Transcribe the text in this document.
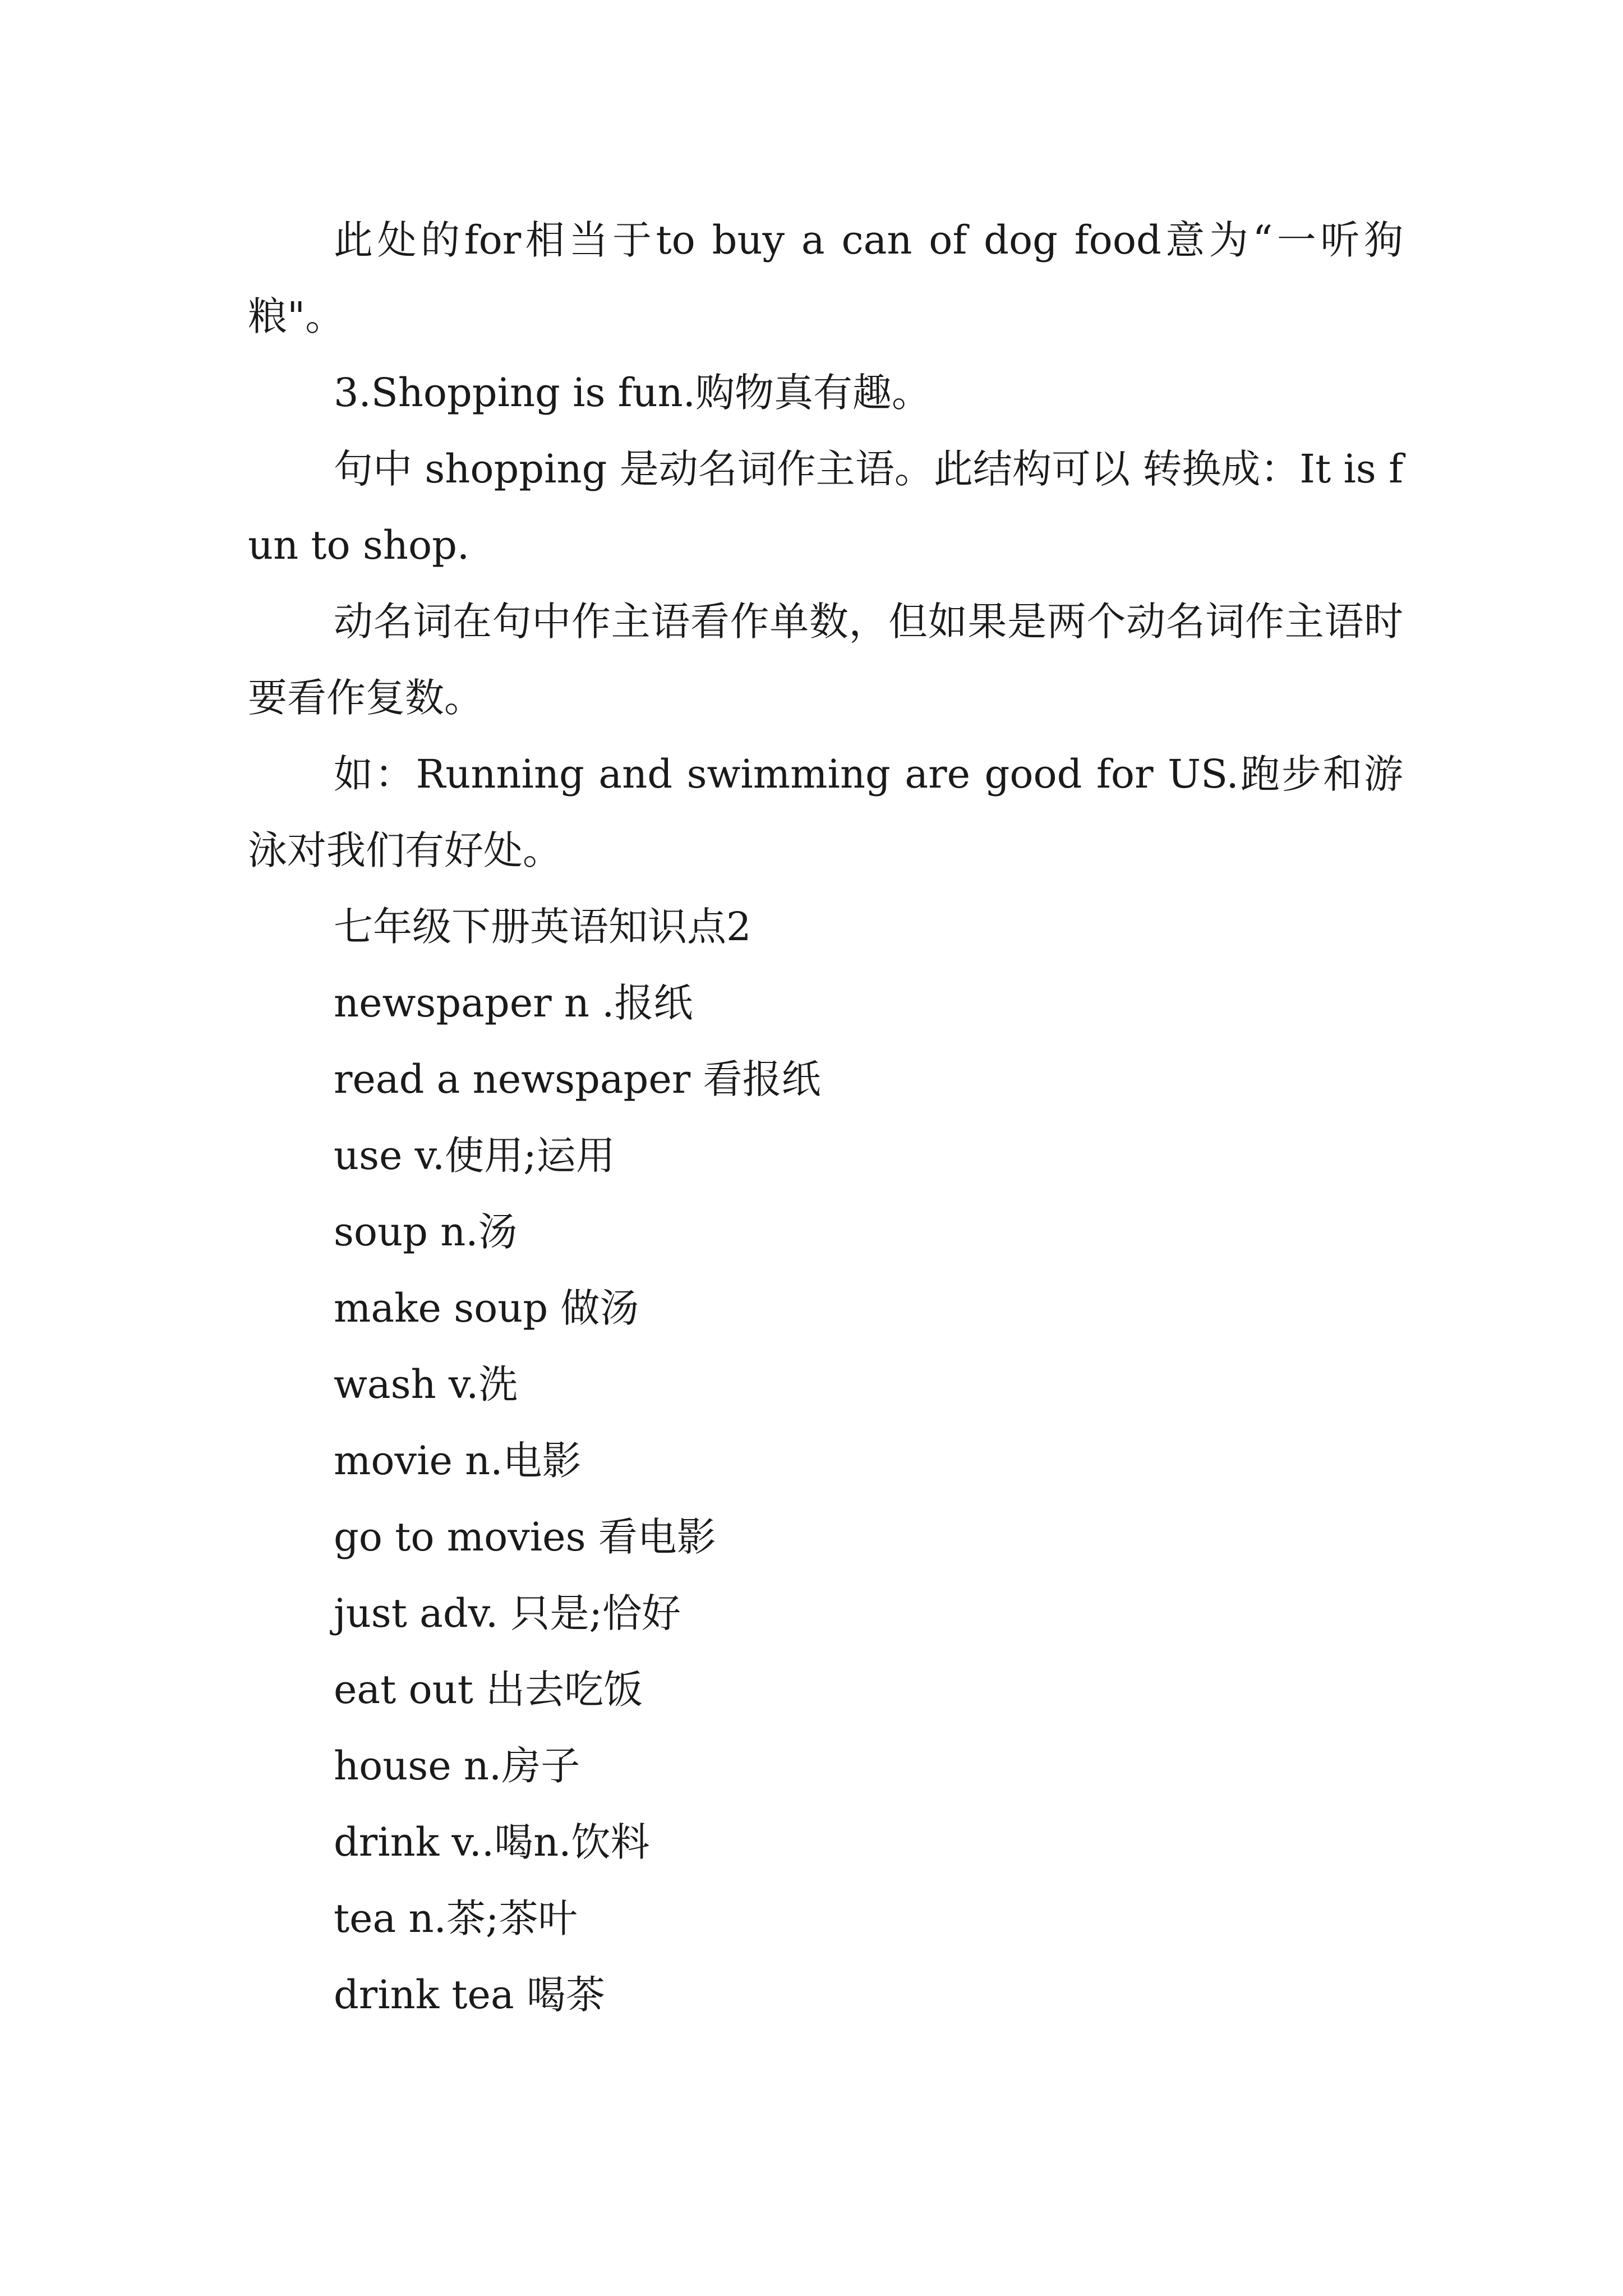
此处的for相当于to buy a can of dog food意为“一听狗粮"。

3.Shopping is fun.购物真有趣。

句中 shopping 是动名词作主语。此结构可以 转换成：It is fun to shop.

动名词在句中作主语看作单数，但如果是两个动名词作主语时要看作复数。

如：Running and swimming are good for US.跑步和游泳对我们有好处。

七年级下册英语知识点2

newspaper n .报纸

read a newspaper 看报纸

use v.使用;运用

soup n.汤

make soup 做汤

wash v.洗

movie n.电影

go to movies 看电影

just adv. 只是;恰好

eat out 出去吃饭

house n.房子

drink v..喝n.饮料

tea n.茶;茶叶

drink tea 喝茶
